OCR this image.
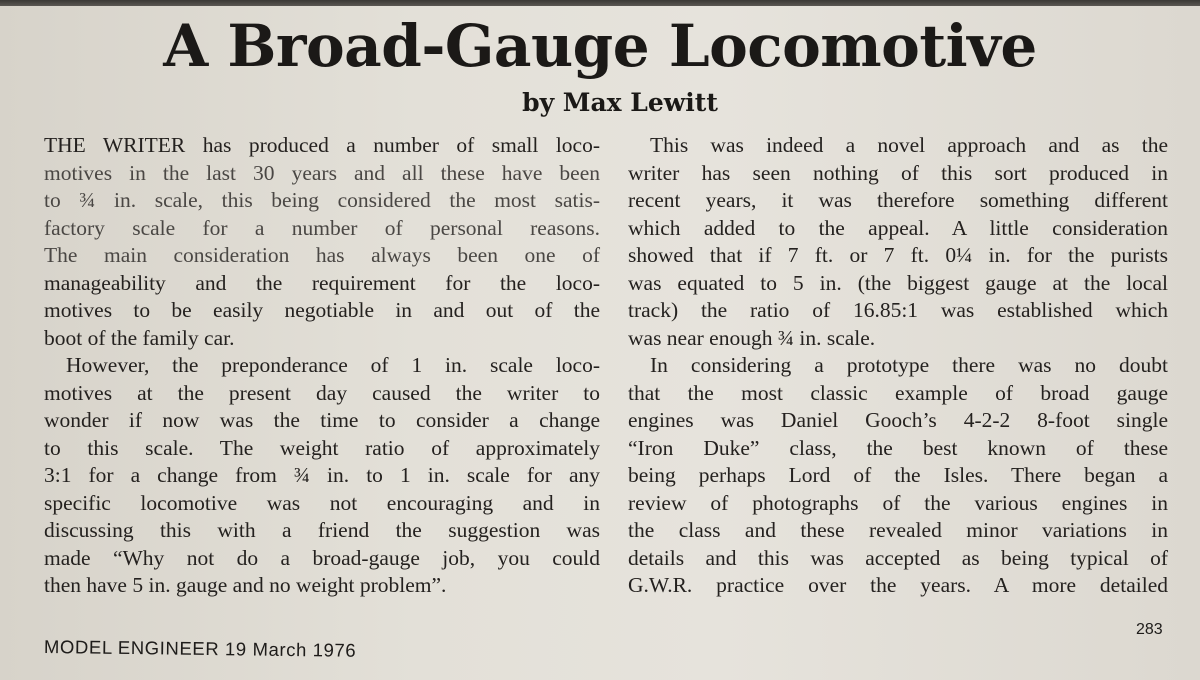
A Broad-Gauge Locomotive
by Max Lewitt
THE WRITER has produced a number of small loco-
motives in the last 30 years and all these have been
to ¾ in. scale, this being considered the most satis-
factory scale for a number of personal reasons.
The main consideration has always been one of
manageability and the requirement for the loco-
motives to be easily negotiable in and out of the
boot of the family car.
However, the preponderance of 1 in. scale loco-
motives at the present day caused the writer to
wonder if now was the time to consider a change
to this scale. The weight ratio of approximately
3:1 for a change from ¾ in. to 1 in. scale for any
specific locomotive was not encouraging and in
discussing this with a friend the suggestion was
made “Why not do a broad-gauge job, you could
then have 5 in. gauge and no weight problem”.
This was indeed a novel approach and as the
writer has seen nothing of this sort produced in
recent years, it was therefore something different
which added to the appeal. A little consideration
showed that if 7 ft. or 7 ft. 0¼ in. for the purists
was equated to 5 in. (the biggest gauge at the local
track) the ratio of 16.85:1 was established which
was near enough ¾ in. scale.
In considering a prototype there was no doubt
that the most classic example of broad gauge
engines was Daniel Gooch’s 4-2-2 8-foot single
“Iron Duke” class, the best known of these
being perhaps Lord of the Isles. There began a
review of photographs of the various engines in
the class and these revealed minor variations in
details and this was accepted as being typical of
G.W.R. practice over the years. A more detailed
MODEL ENGINEER 19 March 1976
283
